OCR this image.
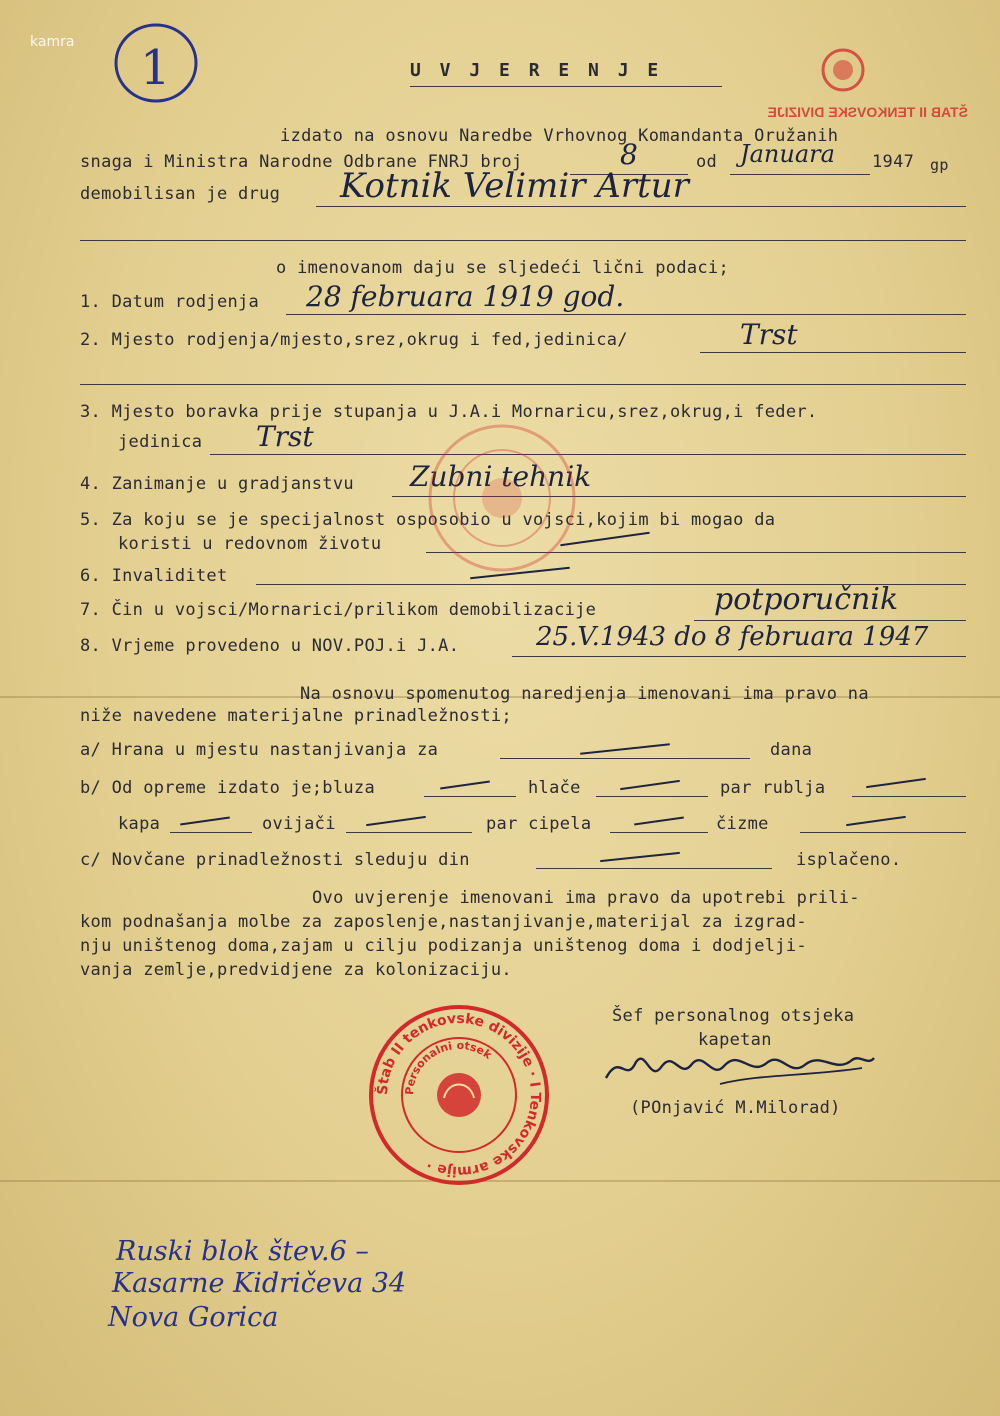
kamra 1
ŠTAB II TENKOVSKE DIVIZIJE
U V J E R E N J E
izdato na osnovu Naredbe Vrhovnog Komandanta Oružanih
snaga i Ministra Narodne Odbrane FNRJ broj	8	od Januara 1947 gp
demobilisan je drug Kotnik Velimir Artur
o imenovanom daju se sljedeći lični podaci;
1. Datum rodjenja 28 februara 1919 god.
2. Mjesto rodjenja/mjesto,srez,okrug i fed,jedinica/	Trst
3. Mjesto boravka prije stupanja u J.A.i Mornaricu,srez,okrug,i feder.
jedinica Trst
4. Zanimanje u gradjanstvu Zubni tehnik
5. Za koju se je specijalnost osposobio u vojsci,kojim bi mogao da
koristi u redovnom životu
6. Invaliditet
7. Čin u vojsci/Mornarici/prilikom demobilizacije	potporučnik
8. Vrjeme provedeno u NOV.POJ.i J.A.	25.V.1943 do 8 februara 1947
Na osnovu spomenutog naredjenja imenovani ima pravo na
niže navedene materijalne prinadležnosti;
a/ Hrana u mjestu nastanjivanja za	dana
b/ Od opreme izdato je;bluza	hlače	par rublja
kapa	ovijači	par cipela	čizme
c/ Novčane prinadležnosti sleduju din	isplačeno.
Ovo uvjerenje imenovani ima pravo da upotrebi prili-
kom podnašanja molbe za zaposlenje,nastanjivanje,materijal za izgrad-
nju uništenog doma,zajam u cilju podizanja uništenog doma i dodjelji-
vanja zemlje,predvidjene za kolonizaciju.
Šef personalnog otsjeka
kapetan
(POnjavić M.Milorad)
Štab II tenkovske divizije · I Tenkovske armije ·
Personalni otsek
Ruski blok štev.6 –
Kasarne Kidričeva 34
Nova Gorica
